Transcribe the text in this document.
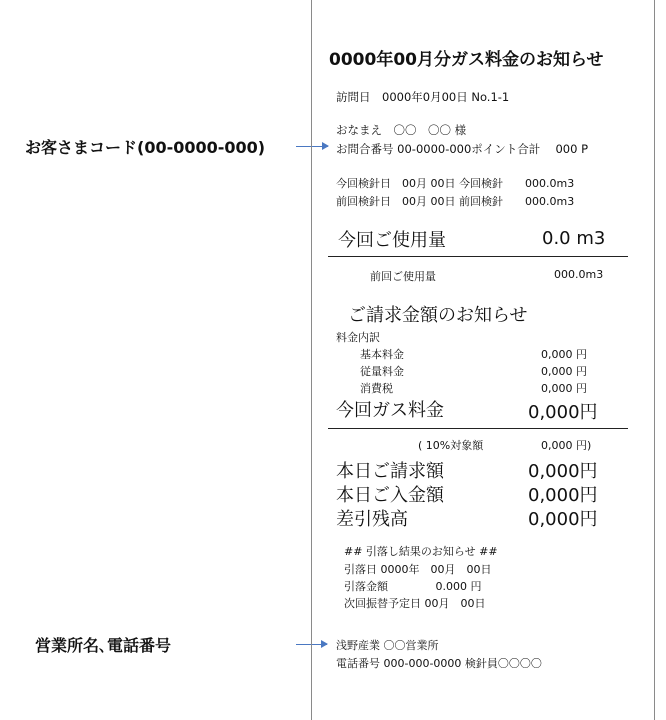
お客さまコード(00-0000-000)
営業所名､電話番号
0000年00月分ガス料金のお知らせ
訪問日　0000年0月00日 No.1-1
おなまえ　〇〇　〇〇 様
お問合番号 00-0000-000ポイント合計　 000 P
今回検針日　00月 00日 今回検針　　000.0m3
前回検針日　00月 00日 前回検針　　000.0m3
今回ご使用量	0.0 m3
前回ご使用量	000.0m3
ご請求金額のお知らせ
料金内訳
基本料金	0,000 円
従量料金	0,000 円
消費税	0,000 円
今回ガス料金	0,000円
( 10%対象額	0,000 円)
本日ご請求額	0,000円
本日ご入金額	0,000円
差引残高	0,000円
## 引落し結果のお知らせ ##
引落日 0000年　00月　00日
引落金額　　　　 0.000 円
次回振替予定日 00月　00日
浅野産業 〇〇営業所
電話番号 000-000-0000 検針員〇〇〇〇
